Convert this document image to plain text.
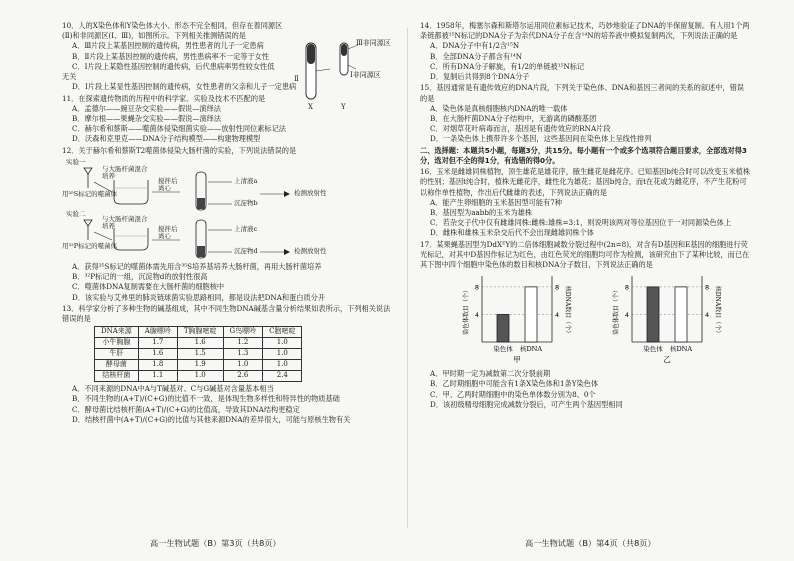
10．人的X染色体和Y染色体大小、形态不完全相同，但存在着同源区(Ⅱ)和非同源区(Ⅰ、Ⅲ)，如图所示。下列相关推测错误的是

A．Ⅲ片段上某基因控制的遗传病，男性患者的儿子一定患病

B．Ⅱ片段上某基因控制的遗传病，男性患病率不一定等于女性

C．Ⅰ片段上某隐性基因控制的遗传病，后代患病率男性较女性低

无关

D．Ⅰ片段上某显性基因控制的遗传病，女性患者的父亲和儿子一定患病

11．在探索遗传物质的历程中的科学家、实验及技术不匹配的是

A．孟德尔——豌豆杂交实验——假说—演绎法

B．摩尔根——果蝇杂交实验——假说—演绎法

C．赫尔希和蔡斯——噬菌体侵染细菌实验——放射性同位素标记法

D．沃森和克里克——DNA分子结构模型——构建物理模型

12．关于赫尔希和蔡斯T2噬菌体侵染大肠杆菌的实验，下列说法错误的是

实验一
与大肠杆菌混合培养
用³⁵S标记的噬菌体
搅拌后离心
上清液a
沉淀物b
检测放射性
实验二
与大肠杆菌混合培养
用³²P标记的噬菌体
搅拌后离心
上清液c
沉淀物d	检测放射性

A．获得³⁵S标记的噬菌体需先用含³⁵S培养基培养大肠杆菌，再用大肠杆菌培养

B．³²P标记的一组，沉淀物d的放射性很高

C．噬菌体DNA复制需要在大肠杆菌的细胞核中

D．该实验与艾弗里的肺炎链球菌实验思路相同，都是设法把DNA和蛋白质分开

13．科学家分析了多种生物的碱基组成，其中不同生物DNA碱基含量分析结果如表所示，下列相关说法错误的是

DNA来源	A腺嘌呤	T胸腺嘧啶	G鸟嘌呤	C胞嘧啶
小牛胸腺	1.7	1.6	1.2	1.0
牛肝	1.6	1.5	1.3	1.0
酵母菌	1.8	1.9	1.0	1.0
结核杆菌	1.1	1.0	2.6	2.4

A．不同来源的DNA中A与T碱基对、C与G碱基对含量基本相当

B．不同生物的(A+T)/(C+G)的比值不一致，是体现生物多样性和特异性的物质基础

C．酵母菌比结核杆菌(A+T)/(C+G)的比值高，导致其DNA结构更稳定

D．结核杆菌中(A+T)/(C+G)的比值与其他来源DNA的差异很大，可能与原核生物有关

Ⅲ非同源区
Ⅱ	Ⅰ非同源区
X	Y
高一生物试题（B）第3页（共8页）

14．1958年，梅塞尔森和斯塔尔运用同位素标记技术，巧妙地验证了DNA的半保留复制。有人用1个两条链都被¹⁵N标记的DNA分子为亲代DNA分子在含¹⁴N的培养液中模拟复制两次，下列说法正确的是

A．DNA分子中有1/2含¹⁵N

B．全部DNA分子都含有¹⁴N

C．所有DNA分子解旋，有1/2的单链被¹⁵N标记

D．复制后共得到8个DNA分子

15．基因通常是有遗传效应的DNA片段，下列关于染色体、DNA和基因三者间的关系的叙述中，错误的是

A．染色体是真核细胞核内DNA的唯一载体

B．在大肠杆菌DNA分子结构中，无游离的磷酸基团

C．对烟草花叶病毒而言，基因是有遗传效应的RNA片段

D．一条染色体上携带许多个基因，这些基因间在染色体上呈线性排列

二、选择题：本题共5小题，每题3分，共15分。每小题有一个或多个选项符合题目要求，全部选对得3分，选对但不全的得1分，有选错的得0分。

16．玉米是雌雄同株植物，顶生雄花是雄花序，腋生雌花是雌花序。已知基因b纯合时可以改变玉米植株的性别；基因t纯合时，植株无雌花序，雌性化为雄花；基因b纯合，而t在花或为雌花序，不产生花粉可以称作单性植物，作出后代雌雄的表述，下列说法正确的是

A．能产生卵细胞的玉米基因型可能有7种

B．基因型为aabb的玉米为雄株

C．若杂交子代中仅有雌雄同株:雌株:雄株=3:1，则说明该两对等位基因位于一对同源染色体上

D．雌株和雄株玉米杂交后代不会出现雌雄同株个体

17．某果蝇基因型为DdXᴱY的二倍体细胞减数分裂过程中(2n=8)，对含有D基因和E基因的细胞进行荧光标记，对其中D基因作标记为红色，由红色荧光的细胞均可作为检测，该研究由下了某种比较，而已在其下图中四个细胞中染色体的数目和核DNA分子数目，下列说法正确的是

4	4
8	8
染色体 核DNA
染色体数目（个）	核DNA数目（个）
甲
4	4
8	8
染色体 核DNA
染色体数目（个）	核DNA数目（个）
乙

A．甲时期一定为减数第二次分裂前期

B．乙时期细胞中可能含有1条X染色体和1条Y染色体

C．甲、乙两时期细胞中的染色单体数分别为8、0个

D．该初级精母细胞完成减数分裂后，可产生两个基因型相同

高一生物试题（B）第4页（共8页）
